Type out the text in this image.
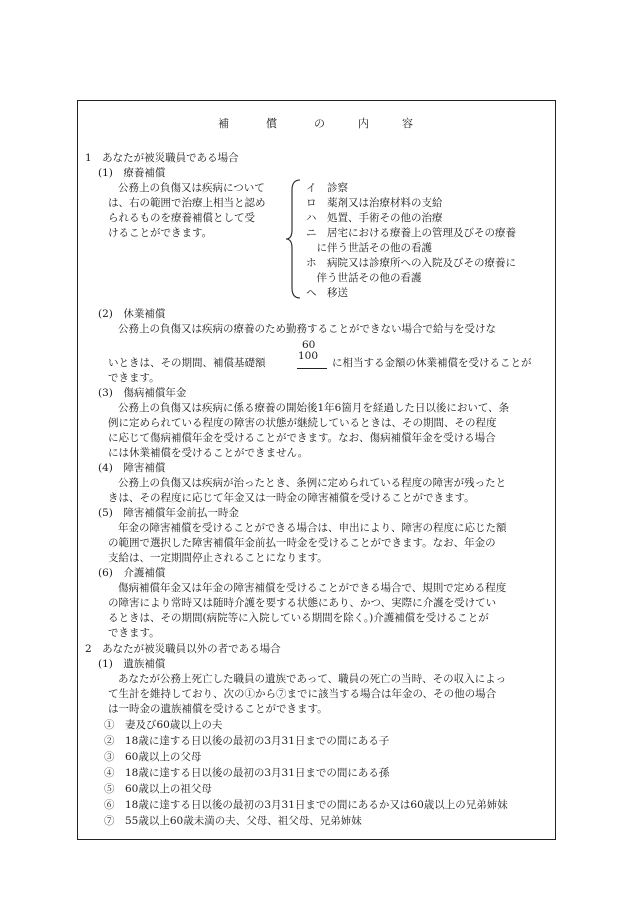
補	償	の	内	容
1　あなたが被災職員である場合
(1)　療養補償
公務上の負傷又は疾病について
は、右の範囲で治療上相当と認め
られるものを療養補償として受
けることができます。
イ　診察
ロ　薬剤又は治療材料の支給
ハ　処置、手術その他の治療
ニ　居宅における療養上の管理及びその療養
　に伴う世話その他の看護
ホ　病院又は診療所への入院及びその療養に
　伴う世話その他の看護
ヘ　移送
(2)　休業補償
公務上の負傷又は疾病の療養のため勤務することができない場合で給与を受けな
60
いときは、その期間、補償基礎額
100
に相当する金額の休業補償を受けることが
できます。
(3)　傷病補償年金
公務上の負傷又は疾病に係る療養の開始後1年6箇月を経過した日以後において、条
例に定められている程度の障害の状態が継続しているときは、その期間、その程度
に応じて傷病補償年金を受けることができます。なお、傷病補償年金を受ける場合
には休業補償を受けることができません。
(4)　障害補償
公務上の負傷又は疾病が治ったとき、条例に定められている程度の障害が残ったと
きは、その程度に応じて年金又は一時金の障害補償を受けることができます。
(5)　障害補償年金前払一時金
年金の障害補償を受けることができる場合は、申出により、障害の程度に応じた額
の範囲で選択した障害補償年金前払一時金を受けることができます。なお、年金の
支給は、一定期間停止されることになります。
(6)　介護補償
傷病補償年金又は年金の障害補償を受けることができる場合で、規則で定める程度
の障害により常時又は随時介護を要する状態にあり、かつ、実際に介護を受けてい
るときは、その期間(病院等に入院している期間を除く。)介護補償を受けることが
できます。
2　あなたが被災職員以外の者である場合
(1)　遺族補償
あなたが公務上死亡した職員の遺族であって、職員の死亡の当時、その収入によっ
て生計を維持しており、次の①から⑦までに該当する場合は年金の、その他の場合
は一時金の遺族補償を受けることができます。
①　妻及び60歳以上の夫
②　18歳に達する日以後の最初の3月31日までの間にある子
③　60歳以上の父母
④　18歳に達する日以後の最初の3月31日までの間にある孫
⑤　60歳以上の祖父母
⑥　18歳に達する日以後の最初の3月31日までの間にあるか又は60歳以上の兄弟姉妹
⑦　55歳以上60歳未満の夫、父母、祖父母、兄弟姉妹
